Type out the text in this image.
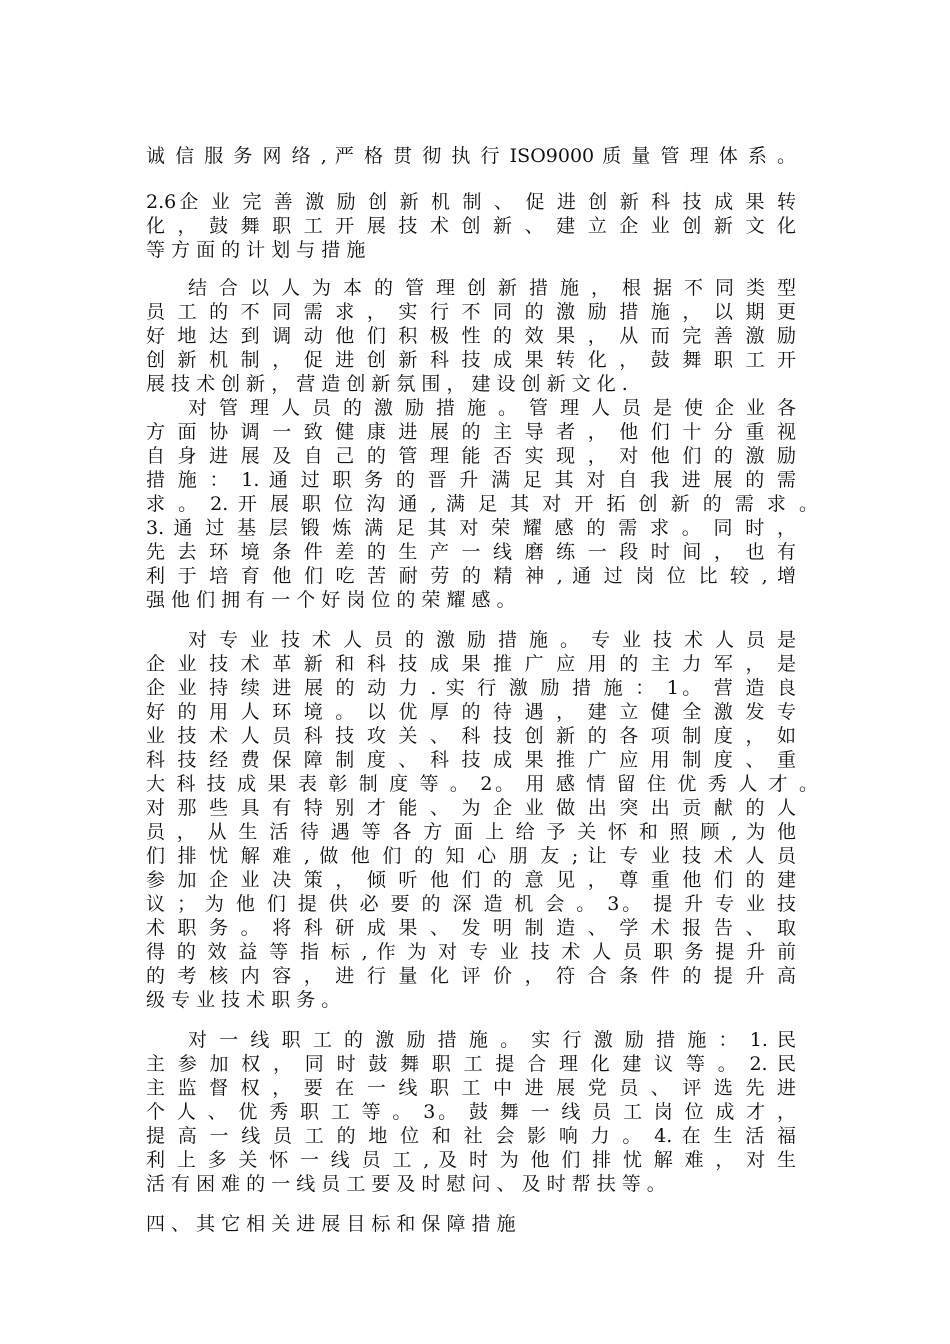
诚 信 服 务 网 络 , 严 格 贯 彻 执 行 ISO9000 质 量 管 理 体 系 。
2.6企 业 完 善 激 励 创 新 机 制 、 促 进 创 新 科 技 成 果 转
化 ， 鼓 舞 职 工 开 展 技 术 创 新 、 建 立 企 业 创 新 文 化
等 方 面 的 计 划 与 措 施
结 合 以 人 为 本 的 管 理 创 新 措 施 ， 根 据 不 同 类 型
员 工 的 不 同 需 求 ， 实 行 不 同 的 激 励 措 施 ， 以 期 更
好 地 达 到 调 动 他 们 积 极 性 的 效 果 ， 从 而 完 善 激 励
创 新 机 制 ， 促 进 创 新 科 技 成 果 转 化 ， 鼓 舞 职 工 开
展 技 术 创 新 ， 营 造 创 新 氛 围 ， 建 设 创 新 文 化 .
对 管 理 人 员 的 激 励 措 施 。 管 理 人 员 是 使 企 业 各
方 面 协 调 一 致 健 康 进 展 的 主 导 者 ， 他 们 十 分 重 视
自 身 进 展 及 自 己 的 管 理 能 否 实 现 ， 对 他 们 的 激 励
措 施 ： 1. 通 过 职 务 的 晋 升 满 足 其 对 自 我 进 展 的 需
求 。 2. 开 展 职 位 沟 通 , 满 足 其 对 开 拓 创 新 的 需 求 。
3. 通 过 基 层 锻 炼 满 足 其 对 荣 耀 感 的 需 求 。 同 时 ，
先 去 环 境 条 件 差 的 生 产 一 线 磨 练 一 段 时 间 ， 也 有
利 于 培 育 他 们 吃 苦 耐 劳 的 精 神 , 通 过 岗 位 比 较 , 增
强 他 们 拥 有 一 个 好 岗 位 的 荣 耀 感 。
对 专 业 技 术 人 员 的 激 励 措 施 。 专 业 技 术 人 员 是
企 业 技 术 革 新 和 科 技 成 果 推 广 应 用 的 主 力 军 ， 是
企 业 持 续 进 展 的 动 力 . 实 行 激 励 措 施 ： 1。 营 造 良
好 的 用 人 环 境 。 以 优 厚 的 待 遇 ， 建 立 健 全 激 发 专
业 技 术 人 员 科 技 攻 关 、 科 技 创 新 的 各 项 制 度 ， 如
科 技 经 费 保 障 制 度 、 科 技 成 果 推 广 应 用 制 度 、 重
大 科 技 成 果 表 彰 制 度 等 。 2。 用 感 情 留 住 优 秀 人 才 。
对 那 些 具 有 特 别 才 能 、 为 企 业 做 出 突 出 贡 献 的 人
员 ， 从 生 活 待 遇 等 各 方 面 上 给 予 关 怀 和 照 顾 , 为 他
们 排 忧 解 难 , 做 他 们 的 知 心 朋 友 ; 让 专 业 技 术 人 员
参 加 企 业 决 策 ， 倾 听 他 们 的 意 见 ， 尊 重 他 们 的 建
议 ； 为 他 们 提 供 必 要 的 深 造 机 会 。 3。 提 升 专 业 技
术 职 务 。 将 科 研 成 果 、 发 明 制 造 、 学 术 报 告 、 取
得 的 效 益 等 指 标 , 作 为 对 专 业 技 术 人 员 职 务 提 升 前
的 考 核 内 容 ， 进 行 量 化 评 价 ， 符 合 条 件 的 提 升 高
级 专 业 技 术 职 务 。
对 一 线 职 工 的 激 励 措 施 。 实 行 激 励 措 施 ： 1. 民
主 参 加 权 ， 同 时 鼓 舞 职 工 提 合 理 化 建 议 等 。 2. 民
主 监 督 权 ， 要 在 一 线 职 工 中 进 展 党 员 、 评 选 先 进
个 人 、 优 秀 职 工 等 。 3。 鼓 舞 一 线 员 工 岗 位 成 才 ，
提 高 一 线 员 工 的 地 位 和 社 会 影 响 力 。 4. 在 生 活 福
利 上 多 关 怀 一 线 员 工 , 及 时 为 他 们 排 忧 解 难 ， 对 生
活 有 困 难 的 一 线 员 工 要 及 时 慰 问 、 及 时 帮 扶 等 。
四 、 其 它 相 关 进 展 目 标 和 保 障 措 施
